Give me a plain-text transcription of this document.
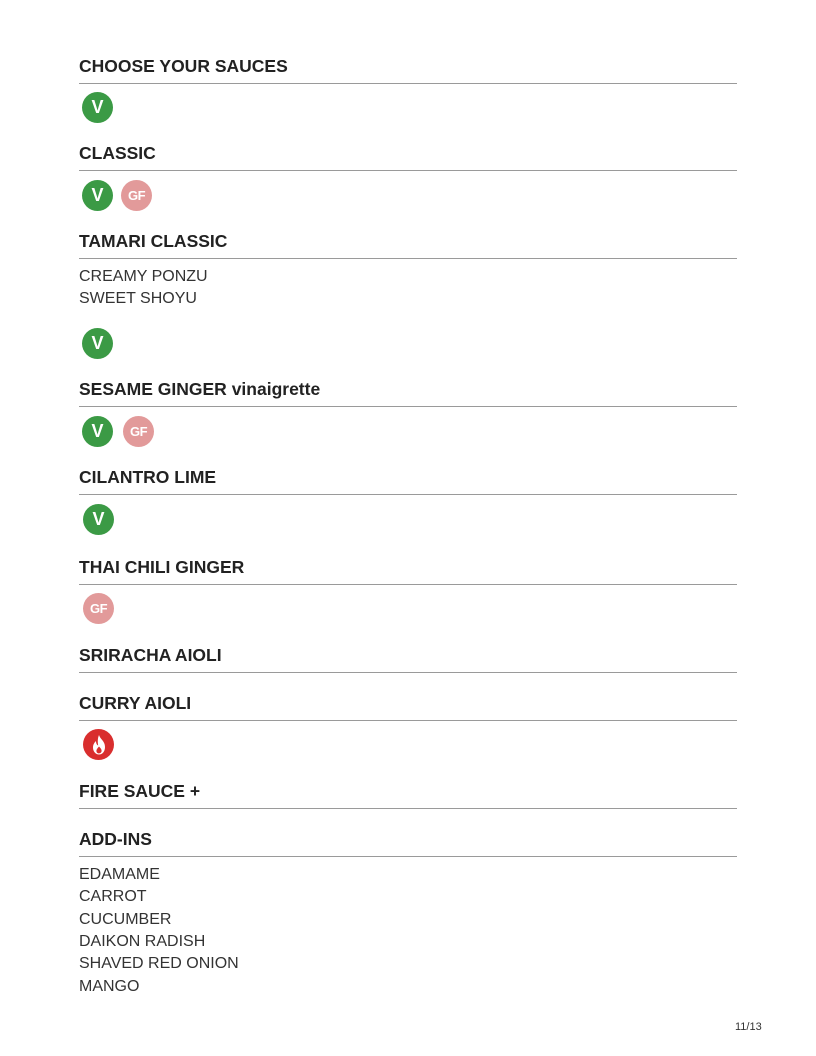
CHOOSE YOUR SAUCES
V
CLASSIC
V	GF
TAMARI CLASSIC

CREAMY PONZU

SWEET SHOYU

V
SESAME GINGER vinaigrette
V	GF
CILANTRO LIME
V
THAI CHILI GINGER
GF
SRIRACHA AIOLI
CURRY AIOLI
FIRE SAUCE +
ADD-INS

EDAMAME

CARROT

CUCUMBER

DAIKON RADISH

SHAVED RED ONION

MANGO

11/13
